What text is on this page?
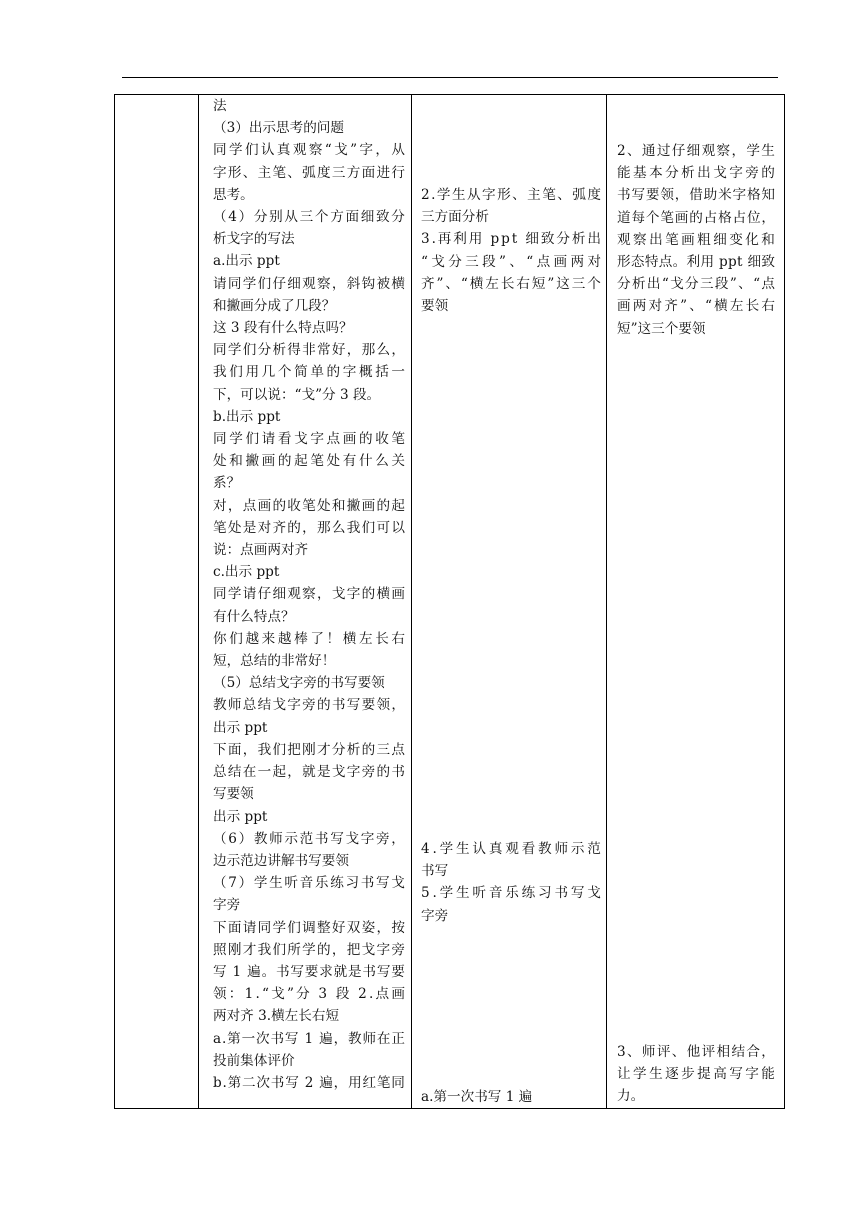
法
（3）出示思考的问题
同 学 们 认 真 观 察 “ 戈 ” 字 ， 从
字 形 、 主 笔 、 弧 度 三 方 面 进 行
思考。
（ 4 ） 分 别 从 三 个 方 面 细 致 分
析戈字的写法
a.出示 ppt
请 同 学 们 仔 细 观 察 ， 斜 钩 被 横
和撇画分成了几段？
这 3 段有什么特点吗？
同 学 们 分 析 得 非 常 好 ， 那 么 ，
我 们 用 几 个 简 单 的 字 概 括 一
下，可以说：“戈”分 3 段。
b.出示 ppt
同 学 们 请 看 戈 字 点 画 的 收 笔
处 和 撇 画 的 起 笔 处 有 什 么 关
系？
对 ， 点 画 的 收 笔 处 和 撇 画 的 起
笔 处 是 对 齐 的 ， 那 么 我 们 可 以
说：点画两对齐
c.出示 ppt
同 学 请 仔 细 观 察 ， 戈 字 的 横 画
有什么特点？
你 们 越 来 越 棒 了 ！ 横 左 长 右
短，总结的非常好！
（5）总结戈字旁的书写要领
教 师 总 结 戈 字 旁 的 书 写 要 领 ，
出示 ppt
下 面 ， 我 们 把 刚 才 分 析 的 三 点
总 结 在 一 起 ， 就 是 戈 字 旁 的 书
写要领
出示 ppt
（ 6 ） 教 师 示 范 书 写 戈 字 旁 ，
边示范边讲解书写要领
（ 7 ） 学 生 听 音 乐 练 习 书 写 戈
字旁
下 面 请 同 学 们 调 整 好 双 姿 ， 按
照 刚 才 我 们 所 学 的 ， 把 戈 字 旁
写
1
遍 。 书 写 要 求 就 是 书 写 要
领 ： 1 . “ 戈 ” 分
3
段
2 . 点 画
两对齐 3.横左长右短
a . 第 一 次 书 写
1
遍 ， 教 师 在 正
投前集体评价
b . 第 二 次 书 写
2
遍 ， 用 红 笔 同
2 . 学 生 从 字 形 、 主 笔 、 弧 度
三方面分析
3 . 再 利 用
p p t
细 致 分 析 出
“ 戈 分 三 段 ” 、 “ 点 画 两 对
齐 ” 、 “ 横 左 长 右 短 ” 这 三 个
要领
4 . 学 生 认 真 观 看 教 师 示 范
书写
5 . 学 生 听 音 乐 练 习 书 写 戈
字旁
a.第一次书写 1 遍
2 、 通 过 仔 细 观 察 ， 学 生
能 基 本 分 析 出 戈 字 旁 的
书 写 要 领 ， 借 助 米 字 格 知
道 每 个 笔 画 的 占 格 占 位 ，
观 察 出 笔 画 粗 细 变 化 和
形 态 特 点 。 利 用
p p t
细 致
分 析 出 “ 戈 分 三 段 ” 、 “ 点
画 两 对 齐 ” 、 “ 横 左 长 右
短”这三个要领
3 、 师 评 、 他 评 相 结 合 ，
让 学 生 逐 步 提 高 写 字 能
力。
